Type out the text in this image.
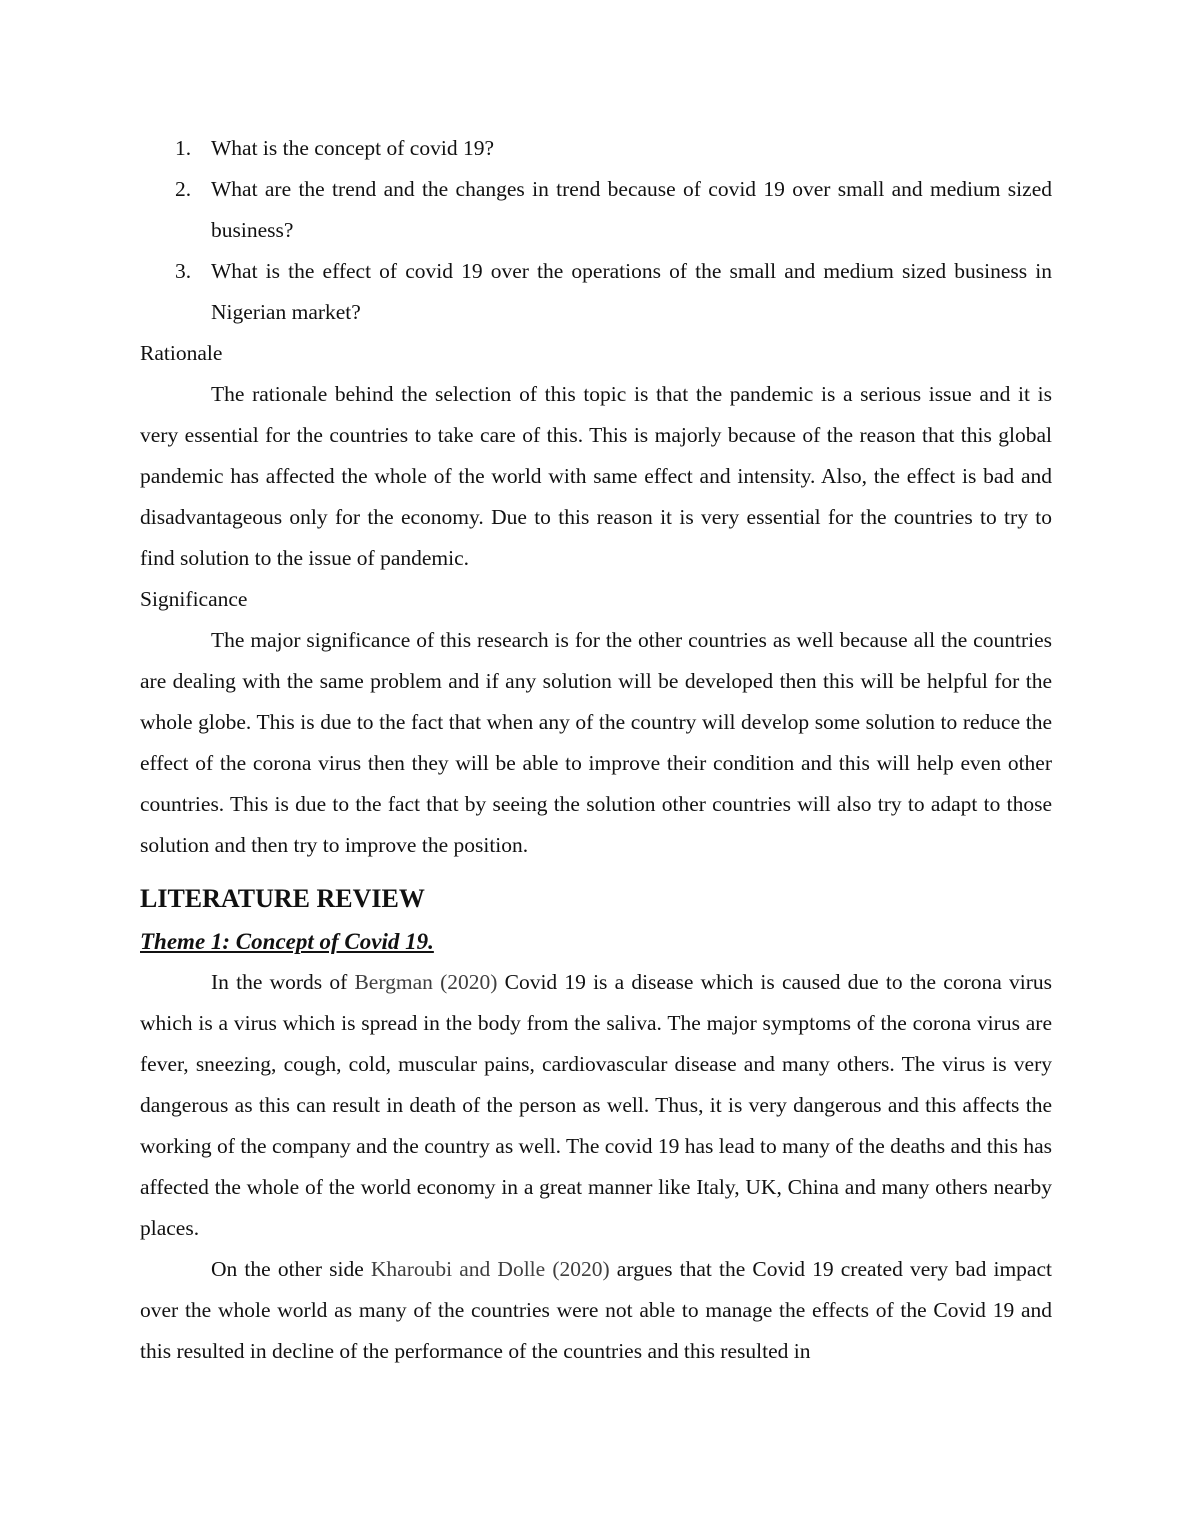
1. What is the concept of covid 19?
2. What are the trend and the changes in trend because of covid 19 over small and medium sized business?
3. What is the effect of covid 19 over the operations of the small and medium sized business in Nigerian market?

Rationale

The rationale behind the selection of this topic is that the pandemic is a serious issue and it is very essential for the countries to take care of this. This is majorly because of the reason that this global pandemic has affected the whole of the world with same effect and intensity. Also, the effect is bad and disadvantageous only for the economy. Due to this reason it is very essential for the countries to try to find solution to the issue of pandemic.

Significance

The major significance of this research is for the other countries as well because all the countries are dealing with the same problem and if any solution will be developed then this will be helpful for the whole globe. This is due to the fact that when any of the country will develop some solution to reduce the effect of the corona virus then they will be able to improve their condition and this will help even other countries. This is due to the fact that by seeing the solution other countries will also try to adapt to those solution and then try to improve the position.

LITERATURE REVIEW
Theme 1: Concept of Covid 19.

In the words of Bergman (2020) Covid 19 is a disease which is caused due to the corona virus which is a virus which is spread in the body from the saliva. The major symptoms of the corona virus are fever, sneezing, cough, cold, muscular pains, cardiovascular disease and many others. The virus is very dangerous as this can result in death of the person as well. Thus, it is very dangerous and this affects the working of the company and the country as well. The covid 19 has lead to many of the deaths and this has affected the whole of the world economy in a great manner like Italy, UK, China and many others nearby places.

On the other side Kharoubi and Dolle (2020) argues that the Covid 19 created very bad impact over the whole world as many of the countries were not able to manage the effects of the Covid 19 and this resulted in decline of the performance of the countries and this resulted in
